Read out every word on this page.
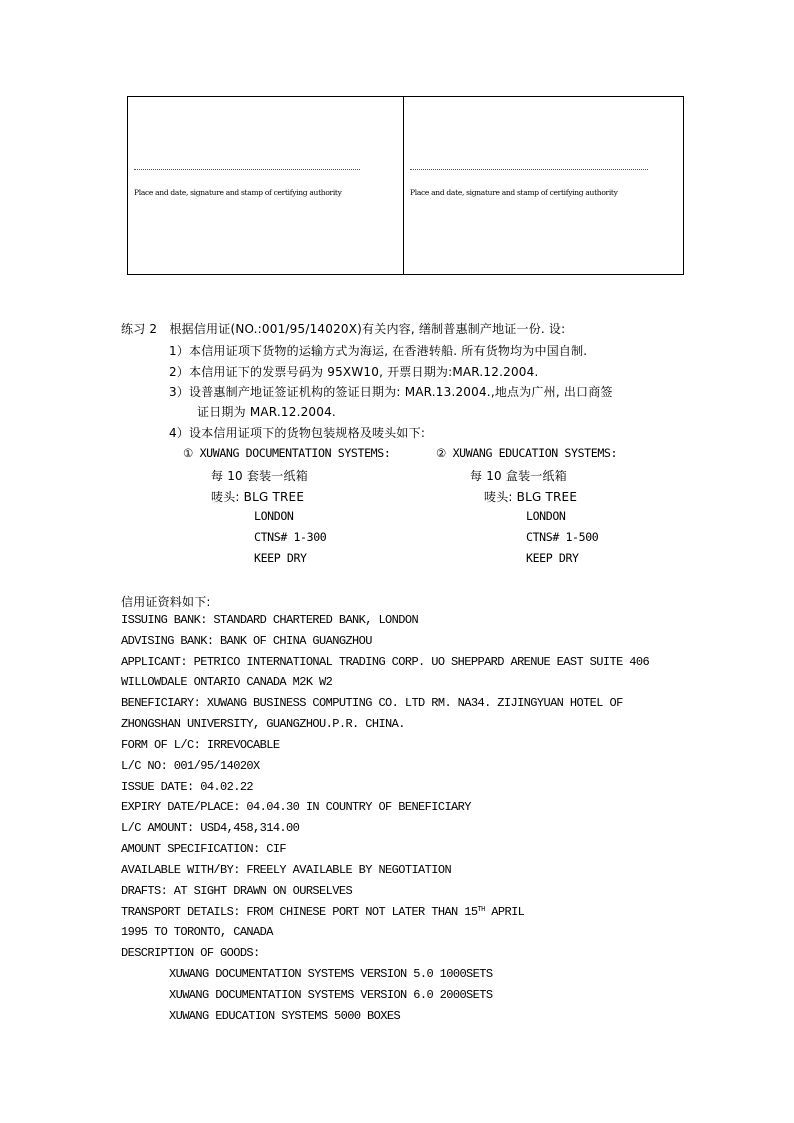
Place and date, signature and stamp of certifying authority	Place and date, signature and stamp of certifying authority
练习 2　根据信用证(NO.:001/95/14020X)有关内容, 缮制普惠制产地证一份. 设:
1）本信用证项下货物的运输方式为海运, 在香港转船. 所有货物均为中国自制.
2）本信用证下的发票号码为 95XW10, 开票日期为:MAR.12.2004.
3）设普惠制产地证签证机构的签证日期为: MAR.13.2004.,地点为广州, 出口商签
证日期为 MAR.12.2004.
4）设本信用证项下的货物包装规格及唛头如下:
① XUWANG DOCUMENTATION SYSTEMS:
每 10 套装一纸箱
唛头: BLG TREE
LONDON
CTNS# 1-300
KEEP DRY
② XUWANG EDUCATION SYSTEMS:
每 10 盒装一纸箱
唛头: BLG TREE
LONDON
CTNS# 1-500
KEEP DRY
信用证资料如下:
ISSUING BANK: STANDARD CHARTERED BANK, LONDON
ADVISING BANK: BANK OF CHINA GUANGZHOU
APPLICANT: PETRICO INTERNATIONAL TRADING CORP. UO SHEPPARD ARENUE EAST SUITE 406
WILLOWDALE ONTARIO CANADA M2K W2
BENEFICIARY: XUWANG BUSINESS COMPUTING CO. LTD RM. NA34. ZIJINGYUAN HOTEL OF
ZHONGSHAN UNIVERSITY, GUANGZHOU.P.R. CHINA.
FORM OF L/C: IRREVOCABLE
L/C NO: 001/95/14020X
ISSUE DATE: 04.02.22
EXPIRY DATE/PLACE: 04.04.30 IN COUNTRY OF BENEFICIARY
L/C AMOUNT: USD4,458,314.00
AMOUNT SPECIFICATION: CIF
AVAILABLE WITH/BY: FREELY AVAILABLE BY NEGOTIATION
DRAFTS: AT SIGHT DRAWN ON OURSELVES
TRANSPORT DETAILS: FROM CHINESE PORT NOT LATER THAN 15TH APRIL
1995 TO TORONTO, CANADA
DESCRIPTION OF GOODS:
XUWANG DOCUMENTATION SYSTEMS VERSION 5.0 1000SETS
XUWANG DOCUMENTATION SYSTEMS VERSION 6.0 2000SETS
XUWANG EDUCATION SYSTEMS 5000 BOXES
